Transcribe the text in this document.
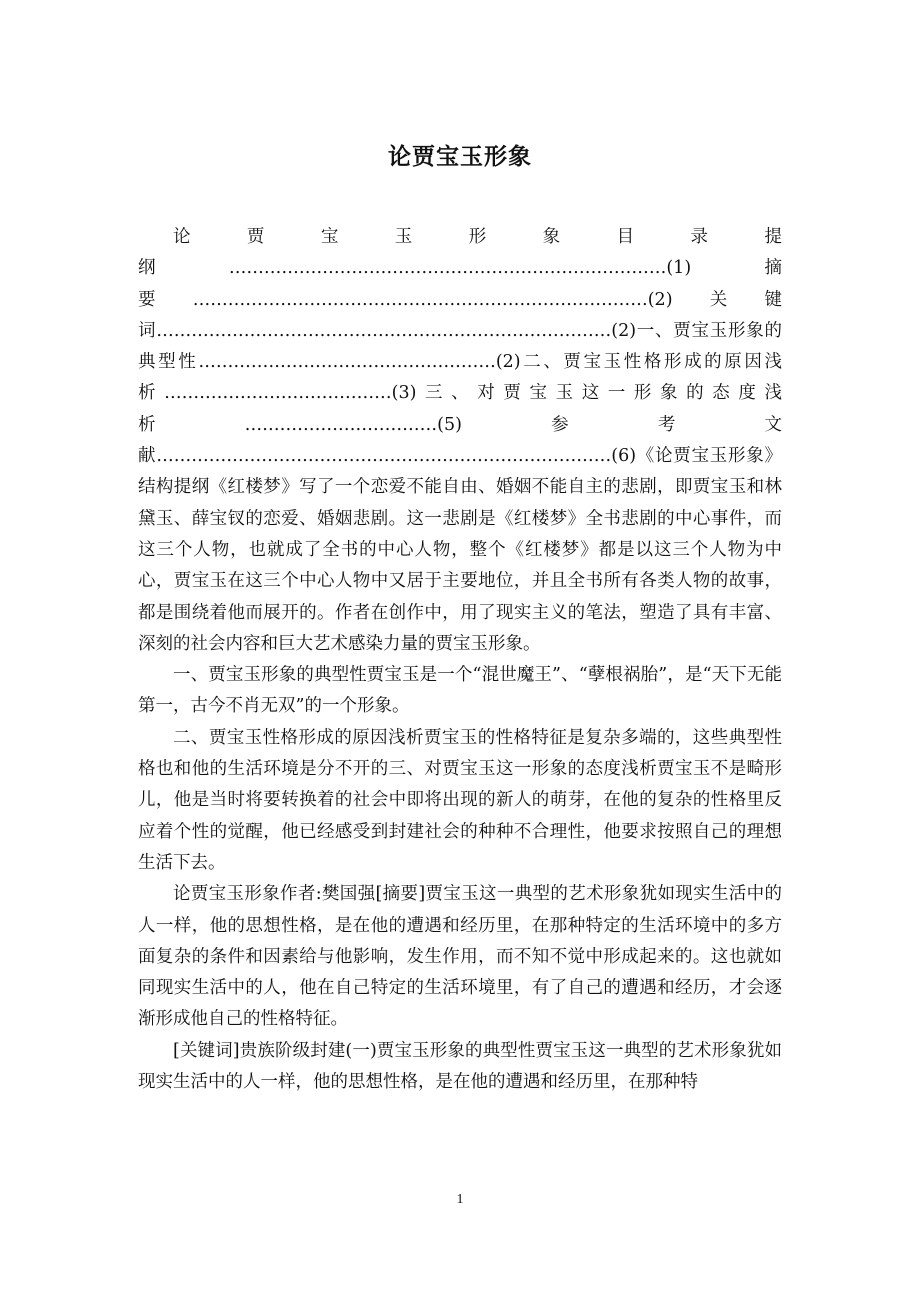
论贾宝玉形象

论贾宝玉形象目录提纲…………………………………………………………………(1)摘要……………………………………………………………………(2)关键词……………………………………………………………………(2)一、贾宝玉形象的典型性……………………………………………(2)二、贾宝玉性格形成的原因浅析…………………………………(3)三、对贾宝玉这一形象的态度浅析……………………………(5)参考文献……………………………………………………………………(6)《论贾宝玉形象》结构提纲《红楼梦》写了一个恋爱不能自由、婚姻不能自主的悲剧，即贾宝玉和林黛玉、薛宝钗的恋爱、婚姻悲剧。这一悲剧是《红楼梦》全书悲剧的中心事件，而这三个人物，也就成了全书的中心人物，整个《红楼梦》都是以这三个人物为中心，贾宝玉在这三个中心人物中又居于主要地位，并且全书所有各类人物的故事，都是围绕着他而展开的。作者在创作中，用了现实主义的笔法，塑造了具有丰富、深刻的社会内容和巨大艺术感染力量的贾宝玉形象。

一、贾宝玉形象的典型性贾宝玉是一个“混世魔王”、“孽根祸胎”，是“天下无能第一，古今不肖无双”的一个形象。

二、贾宝玉性格形成的原因浅析贾宝玉的性格特征是复杂多端的，这些典型性格也和他的生活环境是分不开的三、对贾宝玉这一形象的态度浅析贾宝玉不是畸形儿，他是当时将要转换着的社会中即将出现的新人的萌芽，在他的复杂的性格里反应着个性的觉醒，他已经感受到封建社会的种种不合理性，他要求按照自己的理想生活下去。

论贾宝玉形象作者:樊国强[摘要]贾宝玉这一典型的艺术形象犹如现实生活中的人一样，他的思想性格，是在他的遭遇和经历里，在那种特定的生活环境中的多方面复杂的条件和因素给与他影响，发生作用，而不知不觉中形成起来的。这也就如同现实生活中的人，他在自己特定的生活环境里，有了自己的遭遇和经历，才会逐渐形成他自己的性格特征。

[关键词]贵族阶级封建(一)贾宝玉形象的典型性贾宝玉这一典型的艺术形象犹如现实生活中的人一样，他的思想性格，是在他的遭遇和经历里，在那种特

1
